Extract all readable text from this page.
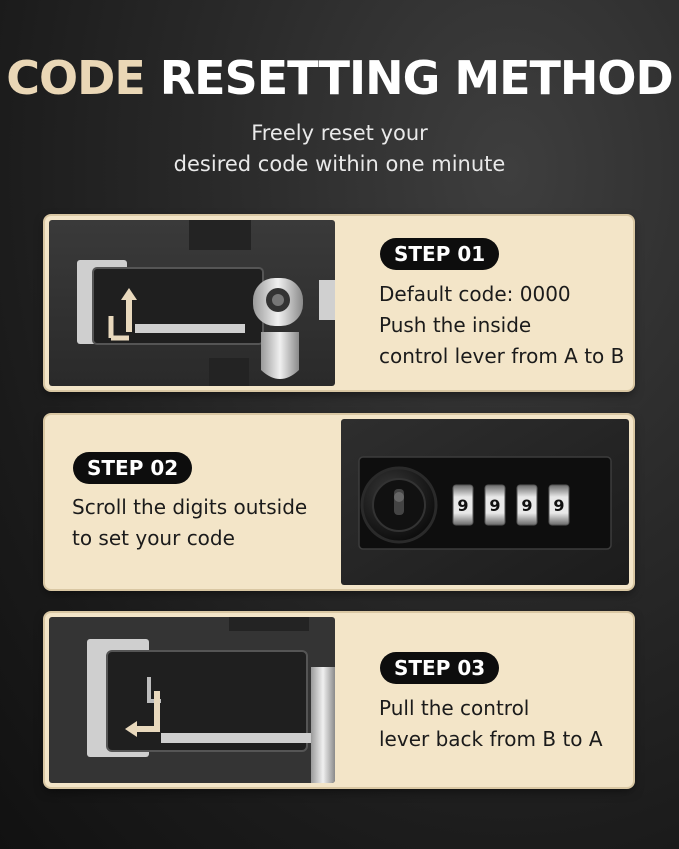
CODE RESETTING METHOD
Freely reset your
desired code within one minute
STEP 01
Default code: 0000
Push the inside
control lever from A to B
STEP 02
Scroll the digits outside
to set your code
9 9 9 9
STEP 03
Pull the control
lever back from B to A
